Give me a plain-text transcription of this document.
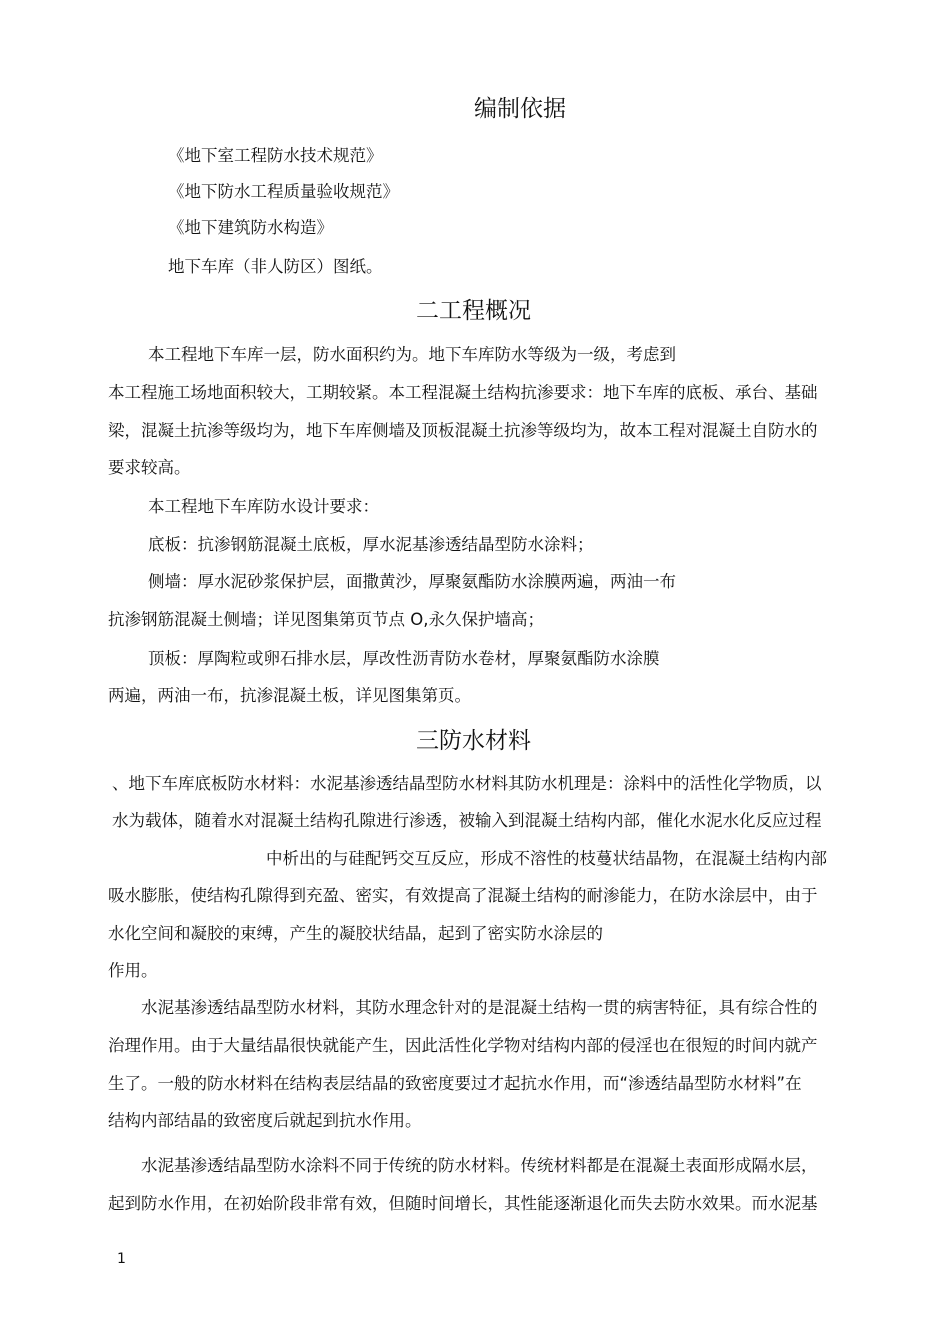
编制依据
《地下室工程防水技术规范》
《地下防水工程质量验收规范》
《地下建筑防水构造》
地下车库（非人防区）图纸。
二工程概况
本工程地下车库一层，防水面积约为。地下车库防水等级为一级，考虑到
本工程施工场地面积较大，工期较紧。本工程混凝土结构抗渗要求：地下车库的底板、承台、基础
梁，混凝土抗渗等级均为，地下车库侧墙及顶板混凝土抗渗等级均为，故本工程对混凝土自防水的
要求较高。
本工程地下车库防水设计要求：
底板：抗渗钢筋混凝土底板，厚水泥基渗透结晶型防水涂料；
侧墙：厚水泥砂浆保护层，面撒黄沙，厚聚氨酯防水涂膜两遍，两油一布
抗渗钢筋混凝土侧墙；详见图集第页节点 O,永久保护墙高；
顶板：厚陶粒或卵石排水层，厚改性沥青防水卷材，厚聚氨酯防水涂膜
两遍，两油一布，抗渗混凝土板，详见图集第页。
三防水材料
、地下车库底板防水材料：水泥基渗透结晶型防水材料其防水机理是：涂料中的活性化学物质，以
水为载体，随着水对混凝土结构孔隙进行渗透，被输入到混凝土结构内部，催化水泥水化反应过程
中析出的与硅配钙交互反应，形成不溶性的枝蔓状结晶物，在混凝土结构内部
吸水膨胀，使结构孔隙得到充盈、密实，有效提高了混凝土结构的耐渗能力，在防水涂层中，由于
水化空间和凝胶的束缚，产生的凝胶状结晶，起到了密实防水涂层的
作用。
水泥基渗透结晶型防水材料，其防水理念针对的是混凝土结构一贯的病害特征，具有综合性的
治理作用。由于大量结晶很快就能产生，因此活性化学物对结构内部的侵淫也在很短的时间内就产
生了。一般的防水材料在结构表层结晶的致密度要过才起抗水作用，而“渗透结晶型防水材料”在
结构内部结晶的致密度后就起到抗水作用。
水泥基渗透结晶型防水涂料不同于传统的防水材料。传统材料都是在混凝土表面形成隔水层，
起到防水作用，在初始阶段非常有效，但随时间增长，其性能逐渐退化而失去防水效果。而水泥基
1
